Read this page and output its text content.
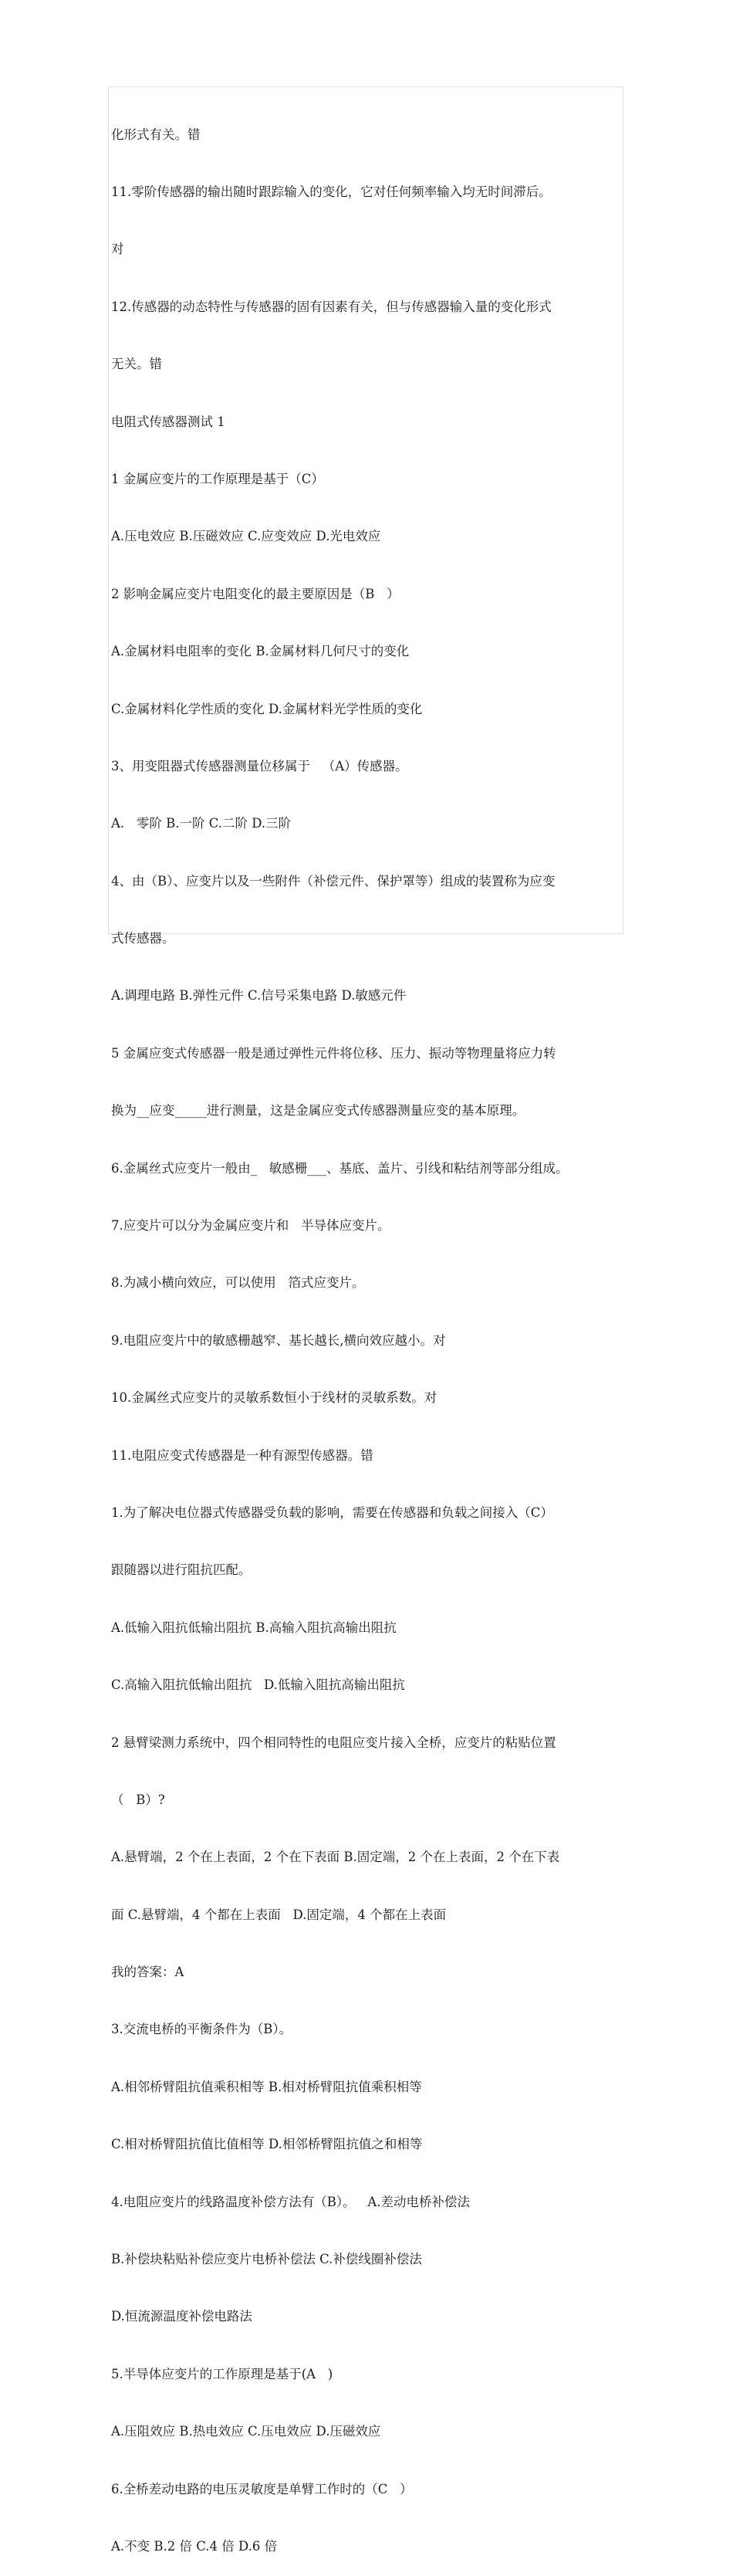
化形式有关。错

11.零阶传感器的输出随时跟踪输入的变化，它对任何频率输入均无时间滞后。

对

12.传感器的动态特性与传感器的固有因素有关，但与传感器输入量的变化形式

无关。错

电阻式传感器测试 1

1 金属应变片的工作原理是基于（C）

A.压电效应 B.压磁效应 C.应变效应 D.光电效应

2 影响金属应变片电阻变化的最主要原因是（B   ）

A.金属材料电阻率的变化 B.金属材料几何尺寸的变化

C.金属材料化学性质的变化 D.金属材料光学性质的变化

3、用变阻器式传感器测量位移属于   （A）传感器。

A.   零阶 B.一阶 C.二阶 D.三阶

4、由（B）、应变片以及一些附件（补偿元件、保护罩等）组成的装置称为应变

式传感器。

A.调理电路 B.弹性元件 C.信号采集电路 D.敏感元件

5 金属应变式传感器一般是通过弹性元件将位移、压力、振动等物理量将应力转

换为__应变_____进行测量，这是金属应变式传感器测量应变的基本原理。

6.金属丝式应变片一般由_   敏感栅___、基底、盖片、引线和粘结剂等部分组成。

7.应变片可以分为金属应变片和   半导体应变片。

8.为减小横向效应，可以使用   箔式应变片。

9.电阻应变片中的敏感栅越窄、基长越长,横向效应越小。对

10.金属丝式应变片的灵敏系数恒小于线材的灵敏系数。对

11.电阻应变式传感器是一种有源型传感器。错

1.为了解决电位器式传感器受负载的影响，需要在传感器和负载之间接入（C）

跟随器以进行阻抗匹配。

A.低输入阻抗低输出阻抗 B.高输入阻抗高输出阻抗

C.高输入阻抗低输出阻抗   D.低输入阻抗高输出阻抗

2 悬臂梁测力系统中，四个相同特性的电阻应变片接入全桥，应变片的粘贴位置

（   B）?

A.悬臂端，2 个在上表面，2 个在下表面 B.固定端，2 个在上表面，2 个在下表

面 C.悬臂端，4 个都在上表面   D.固定端，4 个都在上表面

我的答案：A

3.交流电桥的平衡条件为（B）。

A.相邻桥臂阻抗值乘积相等 B.相对桥臂阻抗值乘积相等

C.相对桥臂阻抗值比值相等 D.相邻桥臂阻抗值之和相等

4.电阻应变片的线路温度补偿方法有（B）。   A.差动电桥补偿法

B.补偿块粘贴补偿应变片电桥补偿法 C.补偿线圈补偿法

D.恒流源温度补偿电路法

5.半导体应变片的工作原理是基于(A   )

A.压阻效应 B.热电效应 C.压电效应 D.压磁效应

6.全桥差动电路的电压灵敏度是单臂工作时的（C   ）

A.不变 B.2 倍 C.4 倍 D.6 倍
